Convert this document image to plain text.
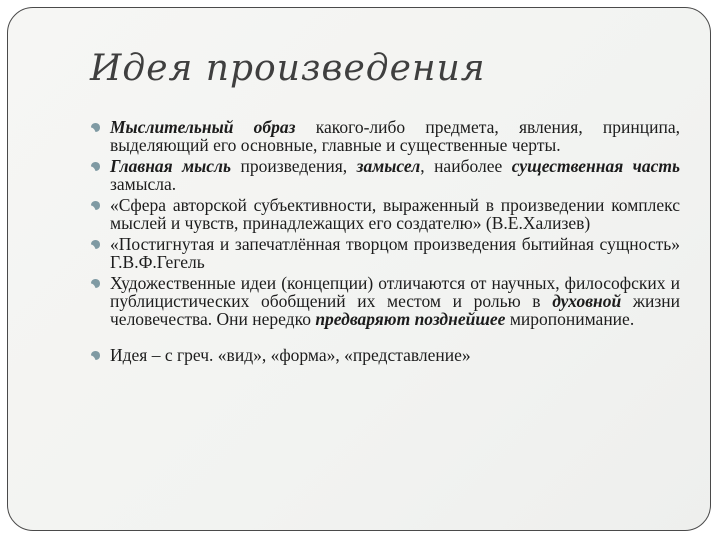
Идея произведения
Мыслительный образ какого-либо предмета, явления, принципа, выделяющий его основные, главные и существенные черты.
Главная мысль произведения, замысел, наиболее существенная часть замысла.
«Сфера авторской субъективности, выраженный в произведении комплекс мыслей и чувств, принадлежащих его создателю» (В.Е.Хализев)
«Постигнутая и запечатлённая творцом произведения бытийная сущность» Г.В.Ф.Гегель
Художественные идеи (концепции) отличаются от научных, философских и публицистических обобщений их местом и ролью в духовной жизни человечества. Они нередко предваряют позднейшее миропонимание.
Идея – с греч. «вид», «форма», «представление»
